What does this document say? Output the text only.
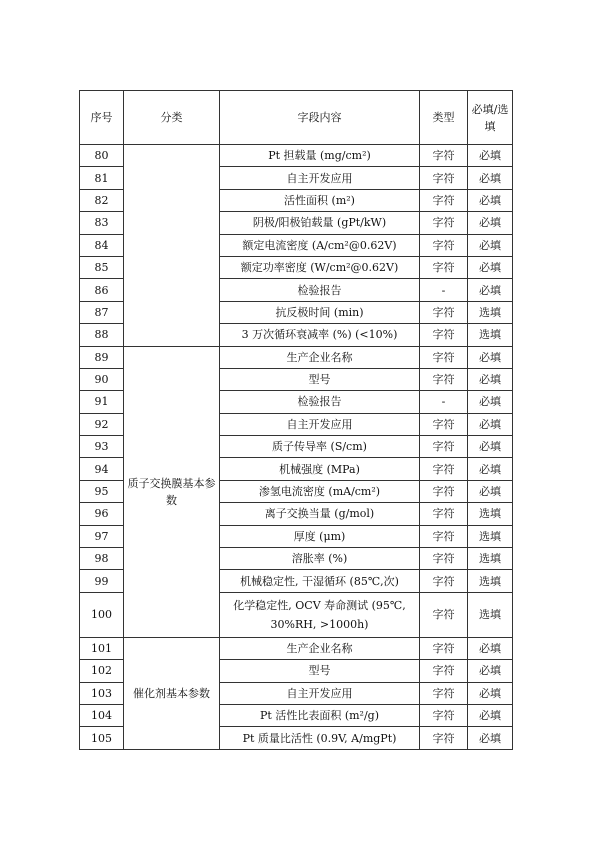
序号	分类	字段内容	类型	必填/选填
80		Pt 担载量 (mg/cm²)	字符	必填
81		自主开发应用	字符	必填
82		活性面积 (m²)	字符	必填
83		阴极/阳极铂载量 (gPt/kW)	字符	必填
84		额定电流密度 (A/cm²@0.62V)	字符	必填
85		额定功率密度 (W/cm²@0.62V)	字符	必填
86		检验报告	-	必填
87		抗反极时间 (min)	字符	选填
88		3 万次循环衰减率 (%) (<10%)	字符	选填
89	质子交换膜基本参数	生产企业名称	字符	必填
90		型号	字符	必填
91		检验报告	-	必填
92		自主开发应用	字符	必填
93		质子传导率 (S/cm)	字符	必填
94		机械强度 (MPa)	字符	必填
95		渗氢电流密度 (mA/cm²)	字符	必填
96		离子交换当量 (g/mol)	字符	选填
97		厚度 (μm)	字符	选填
98		溶胀率 (%)	字符	选填
99		机械稳定性, 干湿循环 (85℃,次)	字符	选填
100		化学稳定性, OCV 寿命测试 (95℃, 30%RH, >1000h)	字符	选填
101	催化剂基本参数	生产企业名称	字符	必填
102		型号	字符	必填
103		自主开发应用	字符	必填
104		Pt 活性比表面积 (m²/g)	字符	必填
105		Pt 质量比活性 (0.9V, A/mgPt)	字符	必填
